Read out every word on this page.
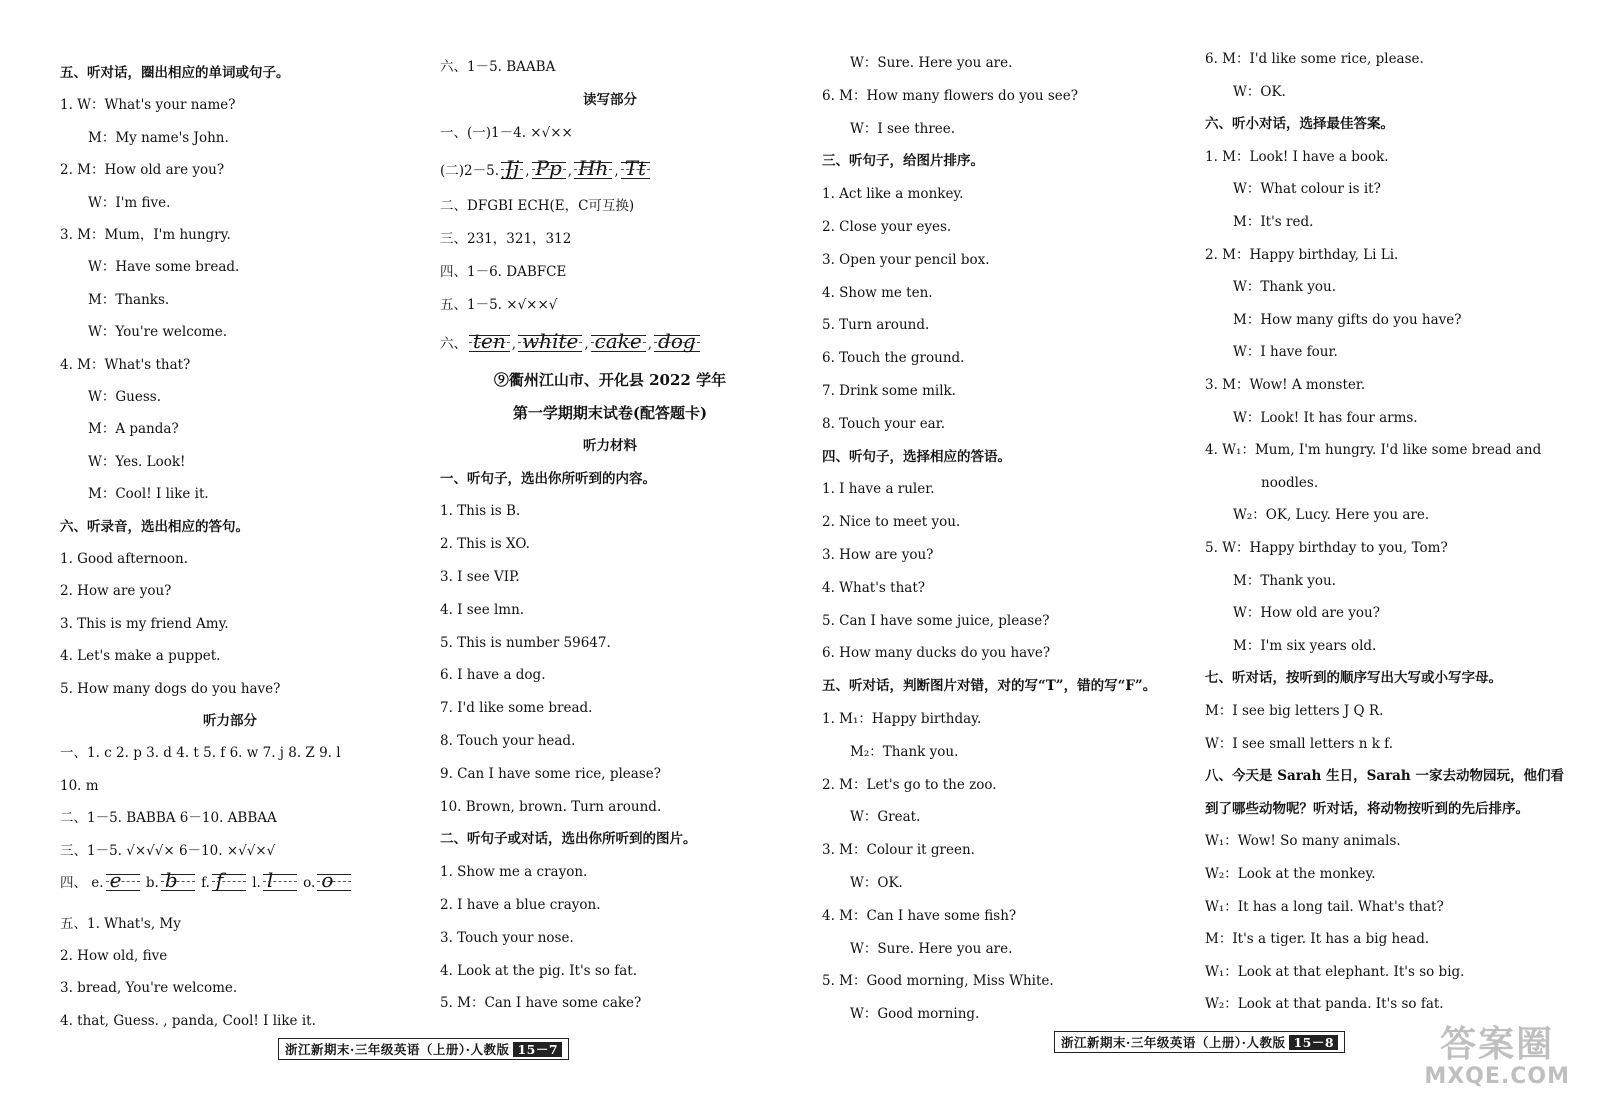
五、听对话，圈出相应的单词或句子。
1. W：What's your name?
M：My name's John.
2. M：How old are you?
W：I'm five.
3. M：Mum，I'm hungry.
W：Have some bread.
M：Thanks.
W：You're welcome.
4. M：What's that?
W：Guess.
M：A panda?
W：Yes. Look!
M：Cool! I like it.
六、听录音，选出相应的答句。
1. Good afternoon.
2. How are you?
3. This is my friend Amy.
4. Let's make a puppet.
5. How many dogs do you have?
听力部分
一、1. c 2. p 3. d 4. t 5. f 6. w 7. j 8. Z 9. l
10. m
二、1－5. BABBA 6－10. ABBAA
三、1－5. √×√√× 6－10. ×√√×√
四、 e. e b. b f. f l. l o. o
五、1. What's, My
2. How old, five
3. bread, You're welcome.
4. that, Guess. , panda, Cool! I like it.
六、1－5. BAABA
读写部分
一、(一)1－4. ×√××
(二)2－5. Jj , Pp , Hh , Tt
二、DFGBI ECH(E，C可互换)
三、231，321，312
四、1－6. DABFCE
五、1－5. ×√××√
六、 ten , white , cake , dog
⑨衢州江山市、开化县 2022 学年
第一学期期末试卷(配答题卡)
听力材料
一、听句子，选出你所听到的内容。
1. This is B.
2. This is XO.
3. I see VIP.
4. I see lmn.
5. This is number 59647.
6. I have a dog.
7. I'd like some bread.
8. Touch your head.
9. Can I have some rice, please?
10. Brown, brown. Turn around.
二、听句子或对话，选出你所听到的图片。
1. Show me a crayon.
2. I have a blue crayon.
3. Touch your nose.
4. Look at the pig. It's so fat.
5. M：Can I have some cake?
W：Sure. Here you are.
6. M：How many flowers do you see?
W：I see three.
三、听句子，给图片排序。
1. Act like a monkey.
2. Close your eyes.
3. Open your pencil box.
4. Show me ten.
5. Turn around.
6. Touch the ground.
7. Drink some milk.
8. Touch your ear.
四、听句子，选择相应的答语。
1. I have a ruler.
2. Nice to meet you.
3. How are you?
4. What's that?
5. Can I have some juice, please?
6. How many ducks do you have?
五、听对话，判断图片对错，对的写“T”，错的写“F”。
1. M₁：Happy birthday.
M₂：Thank you.
2. M：Let's go to the zoo.
W：Great.
3. M：Colour it green.
W：OK.
4. M：Can I have some fish?
W：Sure. Here you are.
5. M：Good morning, Miss White.
W：Good morning.
6. M：I'd like some rice, please.
W：OK.
六、听小对话，选择最佳答案。
1. M：Look! I have a book.
W：What colour is it?
M：It's red.
2. M：Happy birthday, Li Li.
W：Thank you.
M：How many gifts do you have?
W：I have four.
3. M：Wow! A monster.
W：Look! It has four arms.
4. W₁：Mum, I'm hungry. I'd like some bread and
noodles.
W₂：OK, Lucy. Here you are.
5. W：Happy birthday to you, Tom?
M：Thank you.
W：How old are you?
M：I'm six years old.
七、听对话，按听到的顺序写出大写或小写字母。
M：I see big letters J Q R.
W：I see small letters n k f.
八、今天是 Sarah 生日，Sarah 一家去动物园玩，他们看
到了哪些动物呢？听对话，将动物按听到的先后排序。
W₁：Wow! So many animals.
W₂：Look at the monkey.
W₁：It has a long tail. What's that?
M：It's a tiger. It has a big head.
W₁：Look at that elephant. It's so big.
W₂：Look at that panda. It's so fat.
浙江新期末·三年级英语（上册）·人教版 15－7	浙江新期末·三年级英语（上册）·人教版 15－8	答案圈
MXQE.COM
